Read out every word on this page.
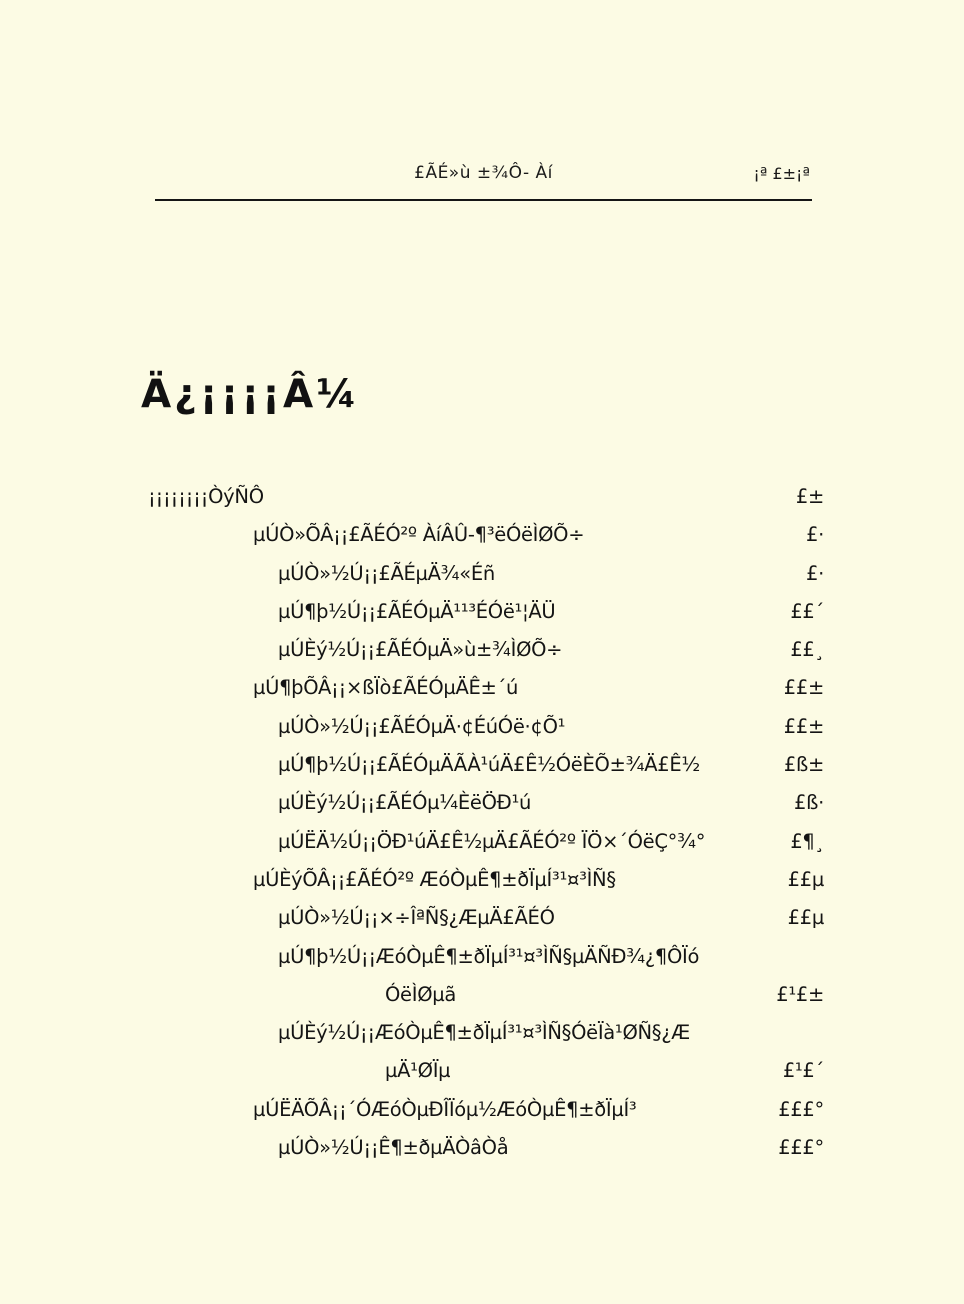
£ÃÉ»ù ±¾Ô- Àí	¡ª £±¡ª
Ä¿¡¡¡¡Â¼
¡¡¡¡¡¡¡¡ÒýÑÔ	£±
µÚÒ»ÕÂ¡¡£ÃÉÓ²º ÀíÂÛ-¶³ëÓëÌØÕ÷	£·
µÚÒ»½Ú¡¡£ÃÉµÄ¾«Éñ	£·
µÚ¶þ½Ú¡¡£ÃÉÓµÄ¹¹³ÉÓë¹¦ÄÜ	££´
µÚÈý½Ú¡¡£ÃÉÓµÄ»ù±¾ÌØÕ÷	££¸
µÚ¶þÕÂ¡¡×ßÏò£ÃÉÓµÄÊ±´ú	££±
µÚÒ»½Ú¡¡£ÃÉÓµÄ·¢ÉúÓë·¢Õ¹	££±
µÚ¶þ½Ú¡¡£ÃÉÓµÄÃÀ¹úÄ£Ê½ÓëÈÕ±¾Ä£Ê½	£ß±
µÚÈý½Ú¡¡£ÃÉÓµ¼ÈëÖÐ¹ú	£ß·
µÚËÄ½Ú¡¡ÖÐ¹úÄ£Ê½µÄ£ÃÉÓ²º ÏÖ×´ÓëÇ°¾°	£¶¸
µÚÈýÕÂ¡¡£ÃÉÓ²º ÆóÒµÊ¶±ðÏµÍ³¹¤³ÌÑ§	££µ
µÚÒ»½Ú¡¡×÷ÎªÑ§¿ÆµÄ£ÃÉÓ	££µ
µÚ¶þ½Ú¡¡ÆóÒµÊ¶±ðÏµÍ³¹¤³ÌÑ§µÄÑÐ¾¿¶ÔÏó
ÓëÌØµã	£¹£±
µÚÈý½Ú¡¡ÆóÒµÊ¶±ðÏµÍ³¹¤³ÌÑ§ÓëÏà¹ØÑ§¿Æ
µÄ¹ØÏµ	£¹£´
µÚËÄÕÂ¡¡´ÓÆóÒµÐÎÏóµ½ÆóÒµÊ¶±ðÏµÍ³	£££°
µÚÒ»½Ú¡¡Ê¶±ðµÄÒâÒå	£££°
